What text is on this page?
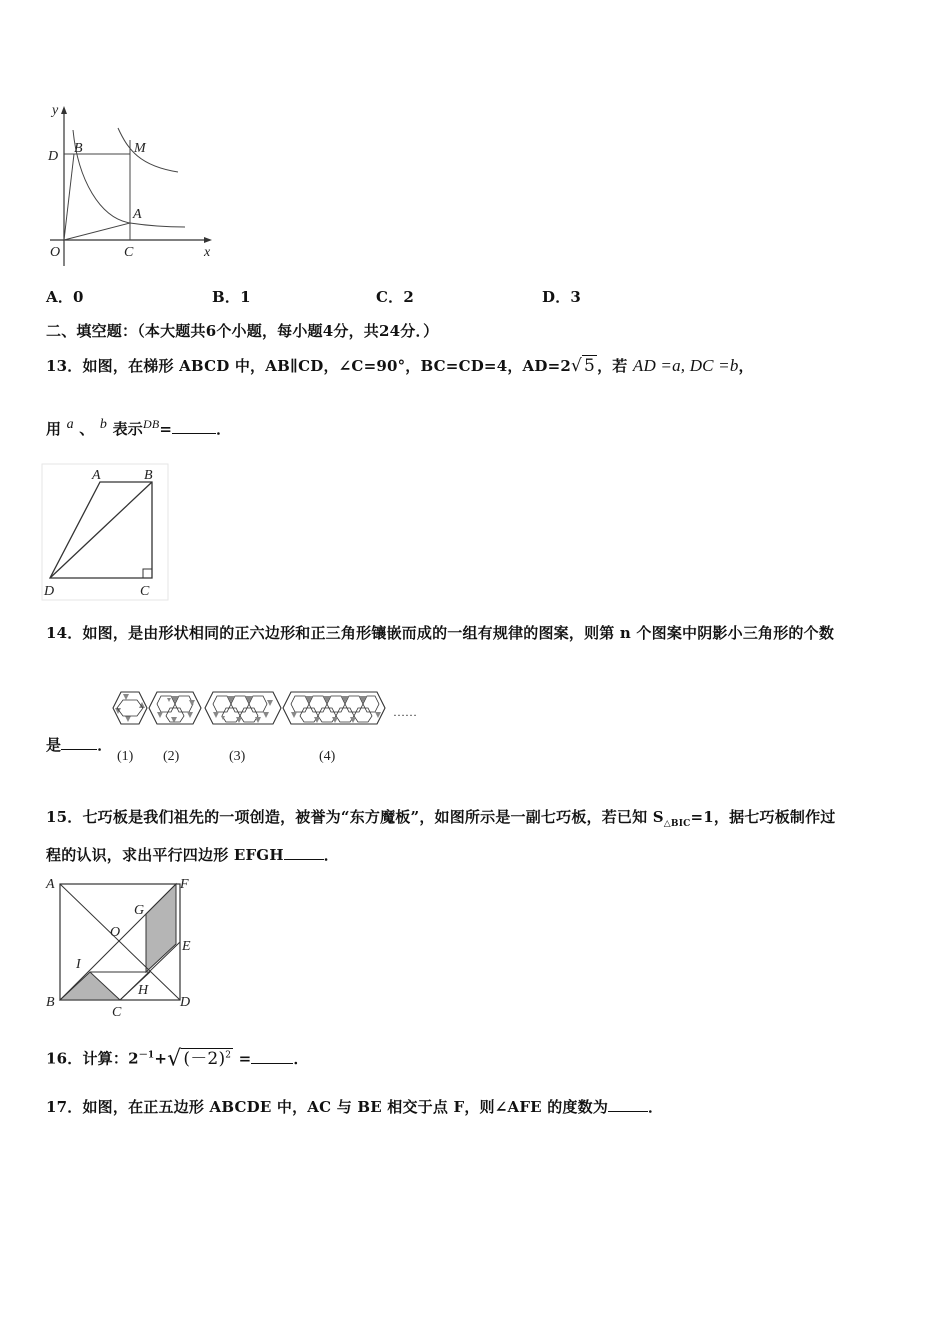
y
x
O	C
D
B	M
A
A．0	B．1	C．2	D．3
二、填空题：（本大题共6个小题，每小题4分，共24分．）
13．如图，在梯形 ABCD 中，AB∥CD，∠C=90°，BC=CD=4，AD=2√ 5 ，若 AD =a, DC =b，
用 $^a$ 、 $^b$ 表示$^{DB}$=	．
A	B
D	C
14．如图，是由形状相同的正六边形和正三角形镶嵌而成的一组有规律的图案，则第 n 个图案中阴影小三角形的个数
是 ．
……
(1) (2)	(3)	(4)
15．七巧板是我们祖先的一项创造，被誉为“东方魔板”，如图所示是一副七巧板，若已知 $S_{\triangle BIC}=1$，据七巧板制作过
程的认识，求出平行四边形 EFGH	．
A	F
G
O
E
I
H
B
C
D
16．计算：$2^{-1}+√$ $(-2)^2$ =	．
17．如图，在正五边形 ABCDE 中，AC 与 BE 相交于点 F，则∠AFE 的度数为	．
